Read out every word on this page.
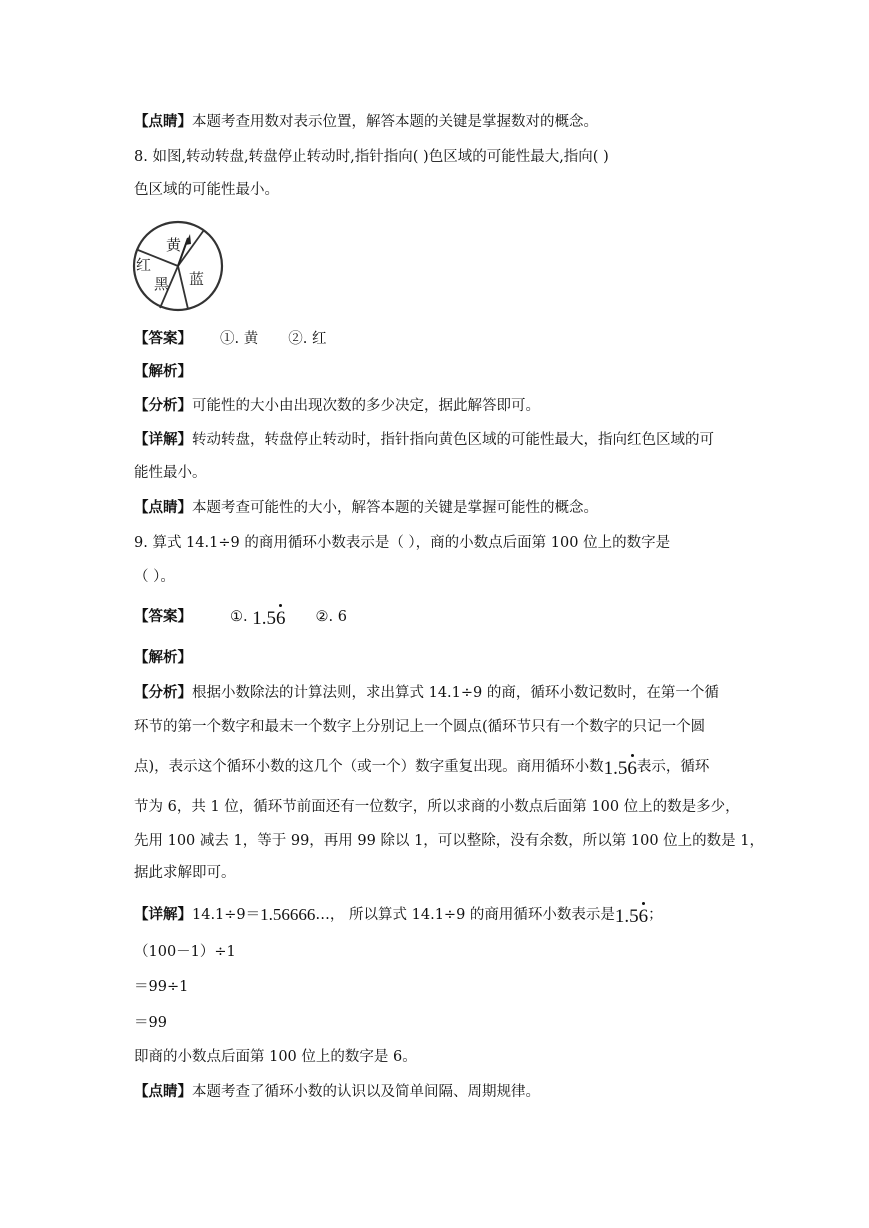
【点睛】本题考查用数对表示位置，解答本题的关键是掌握数对的概念。
8. 如图,转动转盘,转盘停止转动时,指针指向( )色区域的可能性最大,指向( )
色区域的可能性最小。
黄
红
黑 蓝
【答案】 ①. 黄 ②. 红
【解析】
【分析】可能性的大小由出现次数的多少决定，据此解答即可。
【详解】转动转盘，转盘停止转动时，指针指向黄色区域的可能性最大，指向红色区域的可
能性最小。
【点睛】本题考查可能性的大小，解答本题的关键是掌握可能性的概念。
9. 算式 14.1÷9 的商用循环小数表示是（ ），商的小数点后面第 100 位上的数字是
（ ）。
【答案】	①. 1.56 ②. 6
【解析】
【分析】根据小数除法的计算法则，求出算式 14.1÷9 的商，循环小数记数时，在第一个循
环节的第一个数字和最末一个数字上分别记上一个圆点(循环节只有一个数字的只记一个圆
点)，表示这个循环小数的这几个（或一个）数字重复出现。商用循环小数1.56表示，循环
节为 6，共 1 位，循环节前面还有一位数字，所以求商的小数点后面第 100 位上的数是多少，
先用 100 减去 1，等于 99，再用 99 除以 1，可以整除，没有余数，所以第 100 位上的数是 1，
据此求解即可。
【详解】14.1÷9＝1.56666…， 所以算式 14.1÷9 的商用循环小数表示是1.56；
（100－1）÷1
＝99÷1
＝99
即商的小数点后面第 100 位上的数字是 6。
【点睛】本题考查了循环小数的认识以及简单间隔、周期规律。
